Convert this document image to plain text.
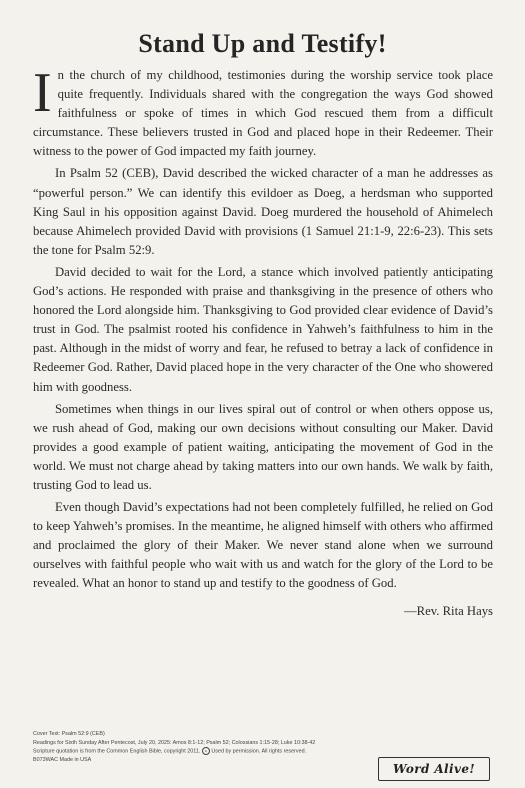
Stand Up and Testify!

In the church of my childhood, testimonies during the worship service took place quite frequently. Individuals shared with the congregation the ways God showed faithfulness or spoke of times in which God rescued them from a difficult circumstance. These believers trusted in God and placed hope in their Redeemer. Their witness to the power of God impacted my faith journey.

In Psalm 52 (CEB), David described the wicked character of a man he addresses as “powerful person.” We can identify this evildoer as Doeg, a herdsman who supported King Saul in his opposition against David. Doeg murdered the household of Ahimelech because Ahimelech provided David with provisions (1 Samuel 21:1-9, 22:6-23). This sets the tone for Psalm 52:9.

David decided to wait for the Lord, a stance which involved patiently anticipating God’s actions. He responded with praise and thanksgiving in the presence of others who honored the Lord alongside him. Thanksgiving to God provided clear evidence of David’s trust in God. The psalmist rooted his confidence in Yahweh’s faithfulness to him in the past. Although in the midst of worry and fear, he refused to betray a lack of confidence in Redeemer God. Rather, David placed hope in the very character of the One who showered him with goodness.

Sometimes when things in our lives spiral out of control or when others oppose us, we rush ahead of God, making our own decisions without consulting our Maker. David provides a good example of patient waiting, anticipating the movement of God in the world. We must not charge ahead by taking matters into our own hands. We walk by faith, trusting God to lead us.

Even though David’s expectations had not been completely fulfilled, he relied on God to keep Yahweh’s promises. In the meantime, he aligned himself with others who affirmed and proclaimed the glory of their Maker. We never stand alone when we surround ourselves with faithful people who wait with us and watch for the glory of the Lord to be revealed. What an honor to stand up and testify to the goodness of God.

—Rev. Rita Hays
Cover Text: Psalm 52:9 (CEB)
Readings for Sixth Sunday After Pentecost, July 20, 2025: Amos 8:1-12; Psalm 52; Colossians 1:15-28; Luke 10:38-42
Scripture quotation is from the Common English Bible, copyright 2011. c Used by permission. All rights reserved.
B073WAC Made in USA
Word Alive!
